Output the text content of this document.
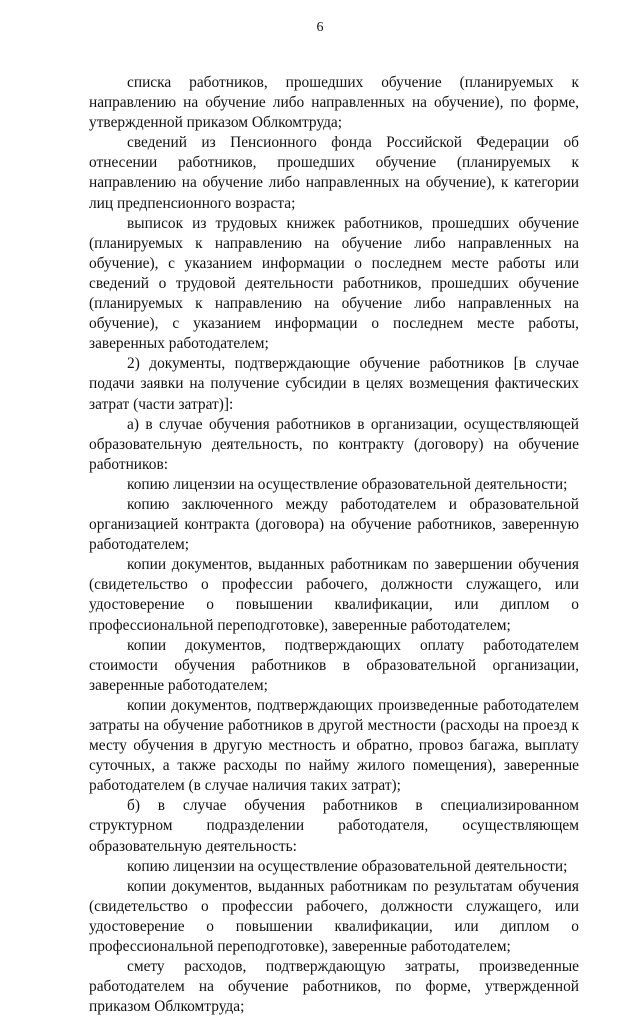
6

списка работников, прошедших обучение (планируемых к направлению на обучение либо направленных на обучение), по форме, утвержденной приказом Облкомтруда;

сведений из Пенсионного фонда Российской Федерации об отнесении работников, прошедших обучение (планируемых к направлению на обучение либо направленных на обучение), к категории лиц предпенсионного возраста;

выписок из трудовых книжек работников, прошедших обучение (планируемых к направлению на обучение либо направленных на обучение), с указанием информации о последнем месте работы или сведений о трудовой деятельности работников, прошедших обучение (планируемых к направлению на обучение либо направленных на обучение), с указанием информации о последнем месте работы, заверенных работодателем;

2) документы, подтверждающие обучение работников [в случае подачи заявки на получение субсидии в целях возмещения фактических затрат (части затрат)]:

а) в случае обучения работников в организации, осуществляющей образовательную деятельность, по контракту (договору) на обучение работников:

копию лицензии на осуществление образовательной деятельности;

копию заключенного между работодателем и образовательной организацией контракта (договора) на обучение работников, заверенную работодателем;

копии документов, выданных работникам по завершении обучения (свидетельство о профессии рабочего, должности служащего, или удостоверение о повышении квалификации, или диплом о профессиональной переподготовке), заверенные работодателем;

копии документов, подтверждающих оплату работодателем стоимости обучения работников в образовательной организации, заверенные работодателем;

копии документов, подтверждающих произведенные работодателем затраты на обучение работников в другой местности (расходы на проезд к месту обучения в другую местность и обратно, провоз багажа, выплату суточных, а также расходы по найму жилого помещения), заверенные работодателем (в случае наличия таких затрат);

б) в случае обучения работников в специализированном структурном подразделении работодателя, осуществляющем образовательную деятельность:

копию лицензии на осуществление образовательной деятельности;

копии документов, выданных работникам по результатам обучения (свидетельство о профессии рабочего, должности служащего, или удостоверение о повышении квалификации, или диплом о профессиональной переподготовке), заверенные работодателем;

смету расходов, подтверждающую затраты, произведенные работодателем на обучение работников, по форме, утвержденной приказом Облкомтруда;
